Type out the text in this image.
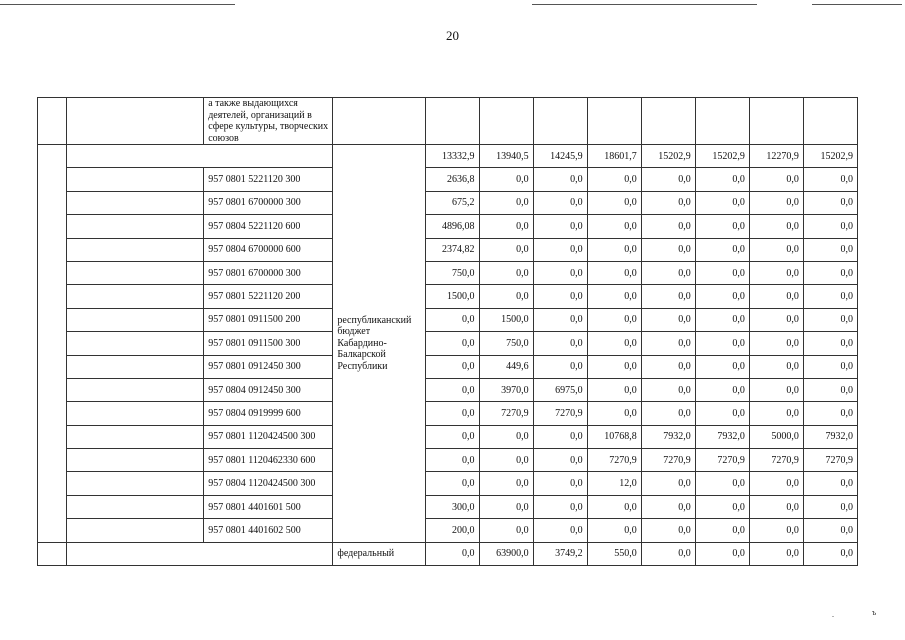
20
		а также выдающихся деятелей, организаций в сфере культуры, творческих союзов									
			республиканский бюджет Кабардино-Балкарской Республики	13332,9	13940,5	14245,9	18601,7	15202,9	15202,9	12270,9	15202,9
		957 0801 5221120 300		2636,8	0,0	0,0	0,0	0,0	0,0	0,0	0,0
		957 0801 6700000 300		675,2	0,0	0,0	0,0	0,0	0,0	0,0	0,0
		957 0804 5221120 600		4896,08	0,0	0,0	0,0	0,0	0,0	0,0	0,0
		957 0804 6700000 600		2374,82	0,0	0,0	0,0	0,0	0,0	0,0	0,0
		957 0801 6700000 300		750,0	0,0	0,0	0,0	0,0	0,0	0,0	0,0
		957 0801 5221120 200		1500,0	0,0	0,0	0,0	0,0	0,0	0,0	0,0
		957 0801 0911500 200		0,0	1500,0	0,0	0,0	0,0	0,0	0,0	0,0
		957 0801 0911500 300		0,0	750,0	0,0	0,0	0,0	0,0	0,0	0,0
		957 0801 0912450 300		0,0	449,6	0,0	0,0	0,0	0,0	0,0	0,0
		957 0804 0912450 300		0,0	3970,0	6975,0	0,0	0,0	0,0	0,0	0,0
		957 0804 0919999 600		0,0	7270,9	7270,9	0,0	0,0	0,0	0,0	0,0
		957 0801 1120424500 300		0,0	0,0	0,0	10768,8	7932,0	7932,0	5000,0	7932,0
		957 0801 1120462330 600		0,0	0,0	0,0	7270,9	7270,9	7270,9	7270,9	7270,9
		957 0804 1120424500 300		0,0	0,0	0,0	12,0	0,0	0,0	0,0	0,0
		957 0801 4401601 500		300,0	0,0	0,0	0,0	0,0	0,0	0,0	0,0
		957 0801 4401602 500		200,0	0,0	0,0	0,0	0,0	0,0	0,0	0,0
			федеральный	0,0	63900,0	3749,2	550,0	0,0	0,0	0,0	0,0
.	ъ
